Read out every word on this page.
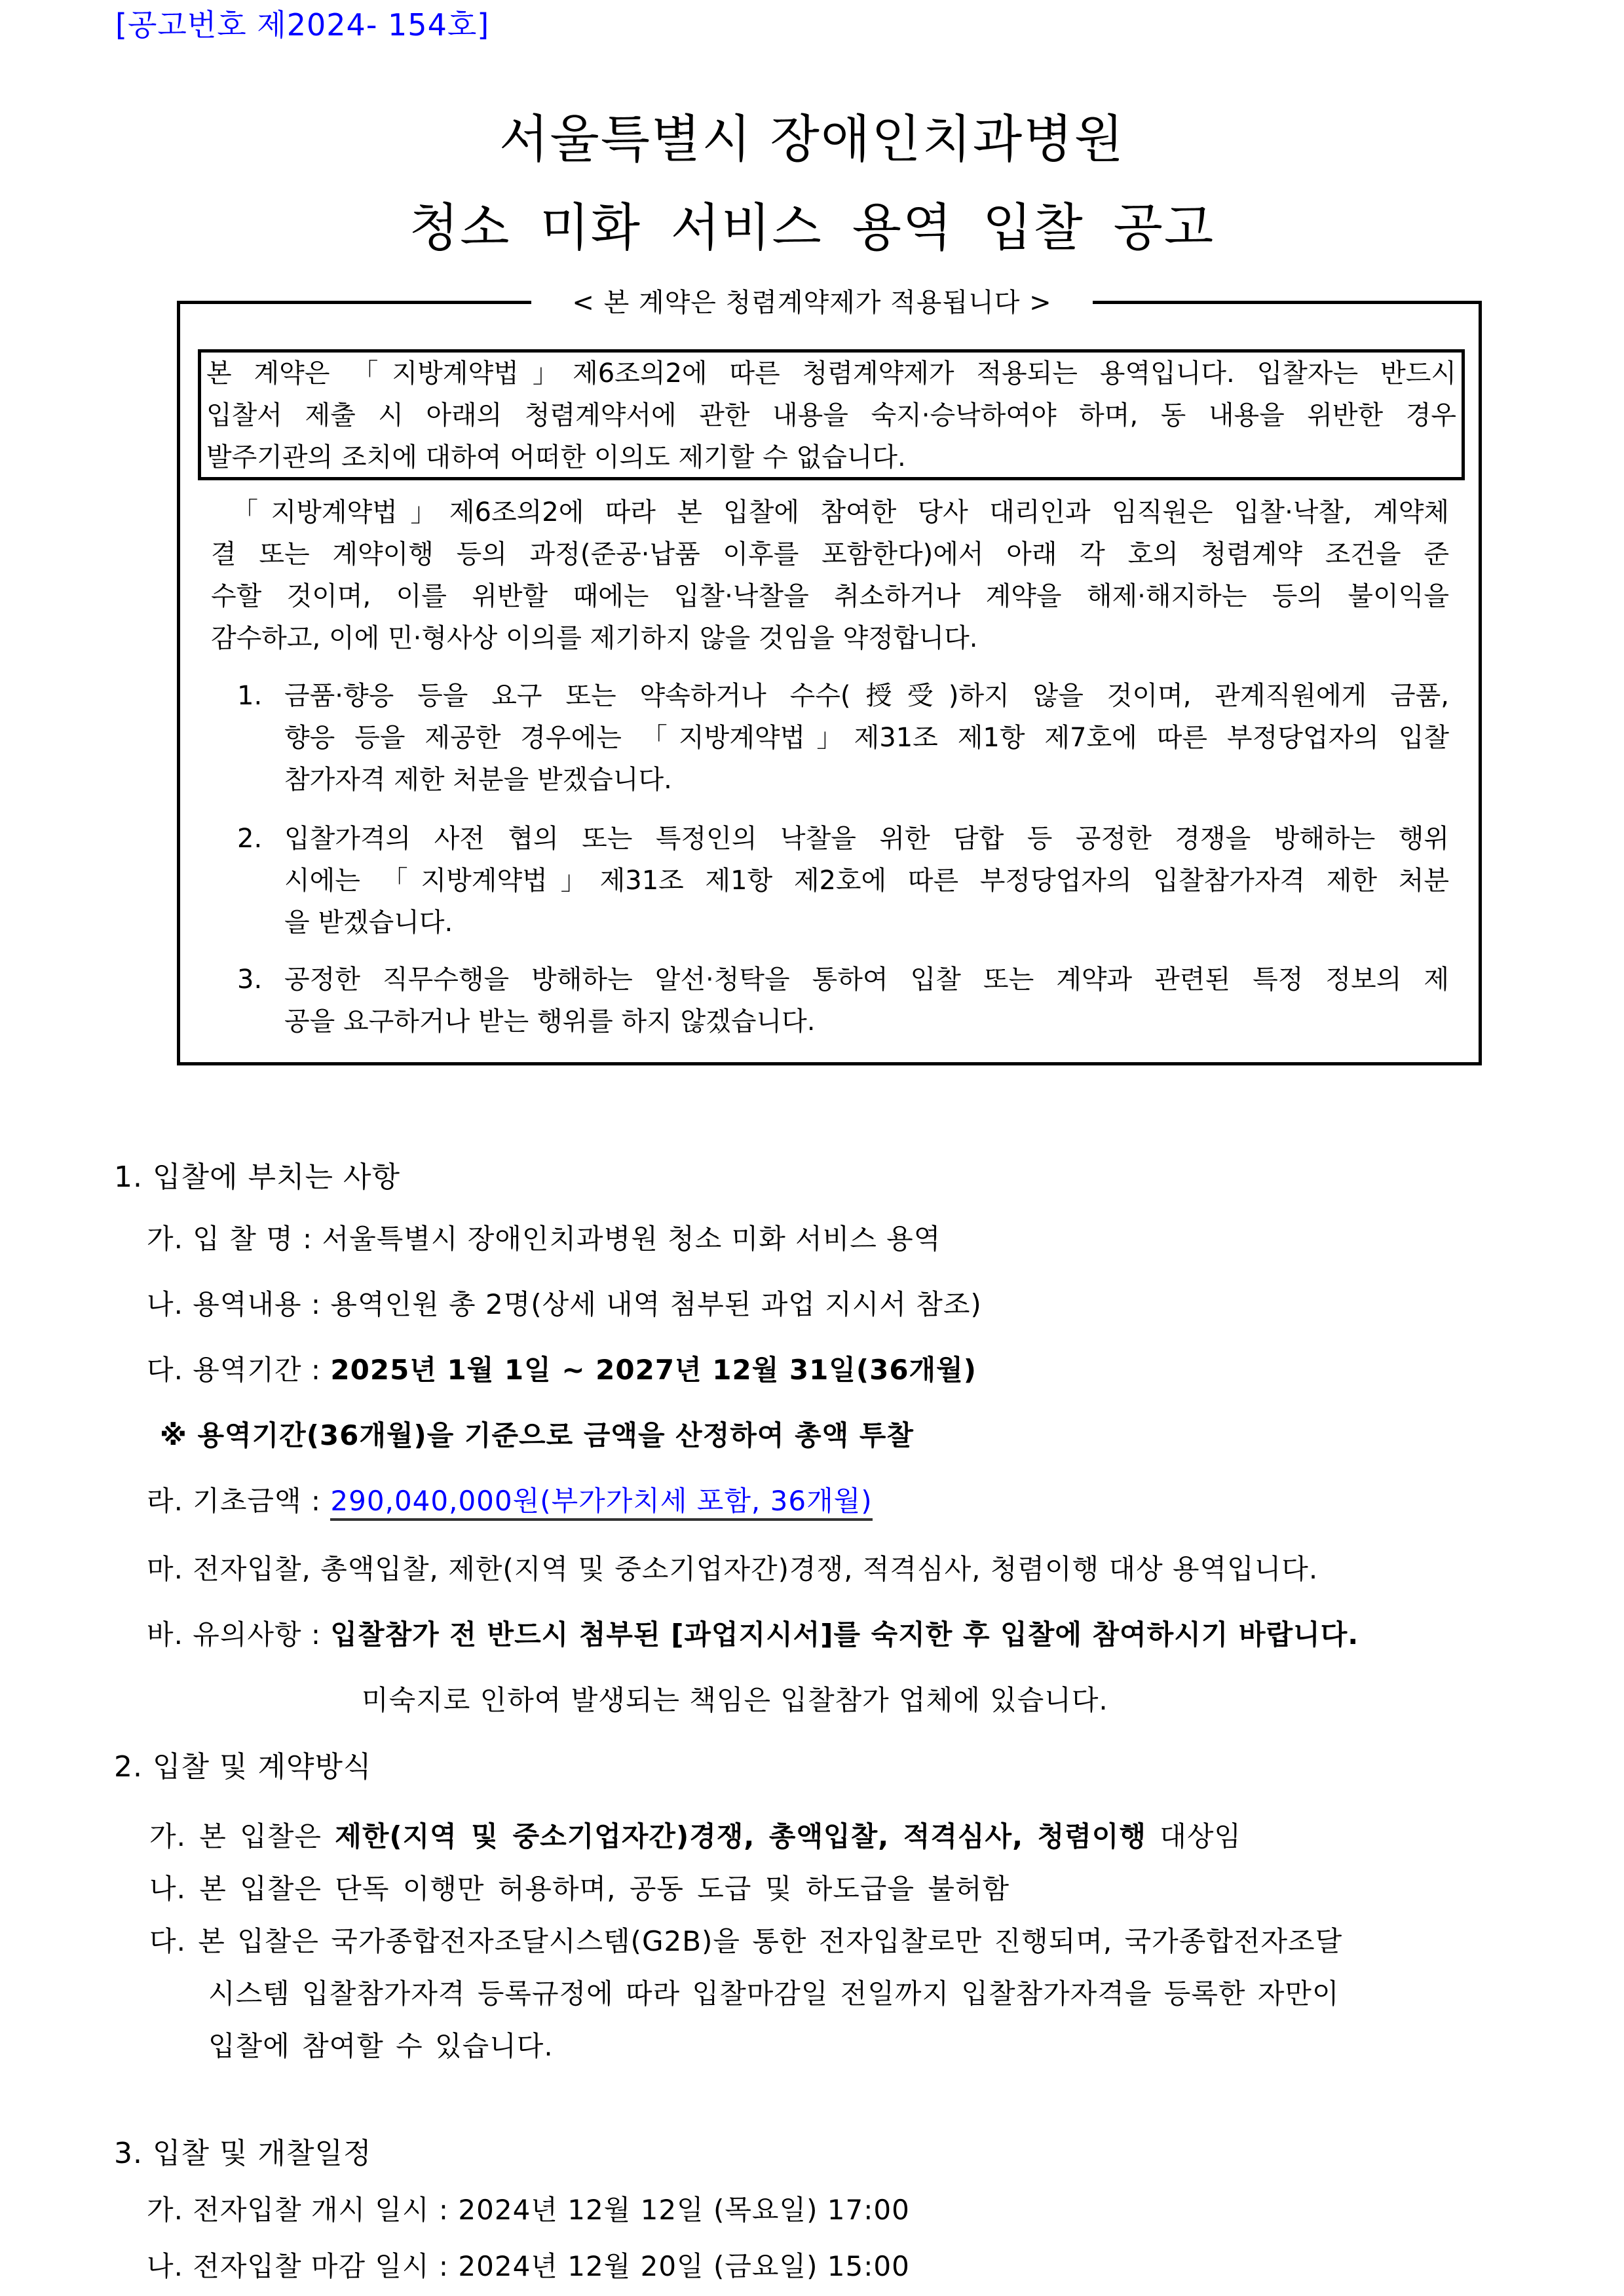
[공고번호 제2024- 154호]
서울특별시 장애인치과병원
청소 미화 서비스 용역 입찰 공고
< 본 계약은 청렴계약제가 적용됩니다 >
본 계약은 「지방계약법」제6조의2에 따른 청렴계약제가 적용되는 용역입니다. 입찰자는 반드시
입찰서 제출 시 아래의 청렴계약서에 관한 내용을 숙지·승낙하여야 하며, 동 내용을 위반한 경우
발주기관의 조치에 대하여 어떠한 이의도 제기할 수 없습니다.
「지방계약법」제6조의2에 따라 본 입찰에 참여한 당사 대리인과 임직원은 입찰·낙찰, 계약체
결 또는 계약이행 등의 과정(준공·납품 이후를 포함한다)에서 아래 각 호의 청렴계약 조건을 준
수할 것이며, 이를 위반할 때에는 입찰·낙찰을 취소하거나 계약을 해제·해지하는 등의 불이익을
감수하고, 이에 민·형사상 이의를 제기하지 않을 것임을 약정합니다.
1. 금품·향응 등을 요구 또는 약속하거나 수수(授受)하지 않을 것이며, 관계직원에게 금품,
향응 등을 제공한 경우에는 「지방계약법」제31조 제1항 제7호에 따른 부정당업자의 입찰
참가자격 제한 처분을 받겠습니다.
2. 입찰가격의 사전 협의 또는 특정인의 낙찰을 위한 담합 등 공정한 경쟁을 방해하는 행위
시에는 「지방계약법」제31조 제1항 제2호에 따른 부정당업자의 입찰참가자격 제한 처분
을 받겠습니다.
3. 공정한 직무수행을 방해하는 알선·청탁을 통하여 입찰 또는 계약과 관련된 특정 정보의 제
공을 요구하거나 받는 행위를 하지 않겠습니다.
1. 입찰에 부치는 사항
가. 입 찰 명 : 서울특별시 장애인치과병원 청소 미화 서비스 용역
나. 용역내용 : 용역인원 총 2명(상세 내역 첨부된 과업 지시서 참조)
다. 용역기간 : 2025년 1월 1일 ~ 2027년 12월 31일(36개월)
※ 용역기간(36개월)을 기준으로 금액을 산정하여 총액 투찰
라. 기초금액 : 290,040,000원(부가가치세 포함, 36개월)
마. 전자입찰, 총액입찰, 제한(지역 및 중소기업자간)경쟁, 적격심사, 청렴이행 대상 용역입니다.
바. 유의사항 : 입찰참가 전 반드시 첨부된 [과업지시서]를 숙지한 후 입찰에 참여하시기 바랍니다.
미숙지로 인하여 발생되는 책임은 입찰참가 업체에 있습니다.
2. 입찰 및 계약방식
가. 본 입찰은 제한(지역 및 중소기업자간)경쟁, 총액입찰, 적격심사, 청렴이행 대상임
나. 본 입찰은 단독 이행만 허용하며, 공동 도급 및 하도급을 불허함
다. 본 입찰은 국가종합전자조달시스템(G2B)을 통한 전자입찰로만 진행되며, 국가종합전자조달
시스템 입찰참가자격 등록규정에 따라 입찰마감일 전일까지 입찰참가자격을 등록한 자만이
입찰에 참여할 수 있습니다.
3. 입찰 및 개찰일정
가. 전자입찰 개시 일시 : 2024년 12월 12일 (목요일) 17:00
나. 전자입찰 마감 일시 : 2024년 12월 20일 (금요일) 15:00
